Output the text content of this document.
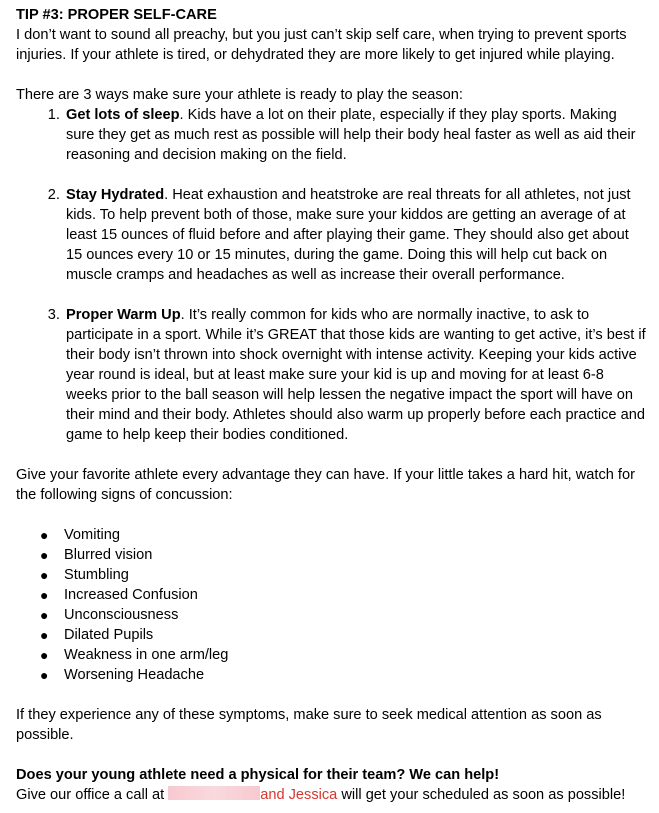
TIP #3: PROPER SELF-CARE

I don’t want to sound all preachy, but you just can’t skip self care, when trying to prevent sports injuries. If your athlete is tired, or dehydrated they are more likely to get injured while playing.

There are 3 ways make sure your athlete is ready to play the season:

1. Get lots of sleep. Kids have a lot on their plate, especially if they play sports. Making sure they get as much rest as possible will help their body heal faster as well as aid their reasoning and decision making on the field.
2. Stay Hydrated. Heat exhaustion and heatstroke are real threats for all athletes, not just kids. To help prevent both of those, make sure your kiddos are getting an average of at least 15 ounces of fluid before and after playing their game. They should also get about 15 ounces every 10 or 15 minutes, during the game. Doing this will help cut back on muscle cramps and headaches as well as increase their overall performance.
3. Proper Warm Up. It’s really common for kids who are normally inactive, to ask to participate in a sport. While it’s GREAT that those kids are wanting to get active, it’s best if their body isn’t thrown into shock overnight with intense activity. Keeping your kids active year round is ideal, but at least make sure your kid is up and moving for at least 6-8 weeks prior to the ball season will help lessen the negative impact the sport will have on their mind and their body. Athletes should also warm up properly before each practice and game to help keep their bodies conditioned.

Give your favorite athlete every advantage they can have. If your little takes a hard hit, watch for the following signs of concussion:

● Vomiting
● Blurred vision
● Stumbling
● Increased Confusion
● Unconsciousness
● Dilated Pupils
● Weakness in one arm/leg
● Worsening Headache

If they experience any of these symptoms, make sure to seek medical attention as soon as possible.

Does your young athlete need a physical for their team? We can help!

Give our office a call at	and Jessica will get your scheduled as soon as possible!
